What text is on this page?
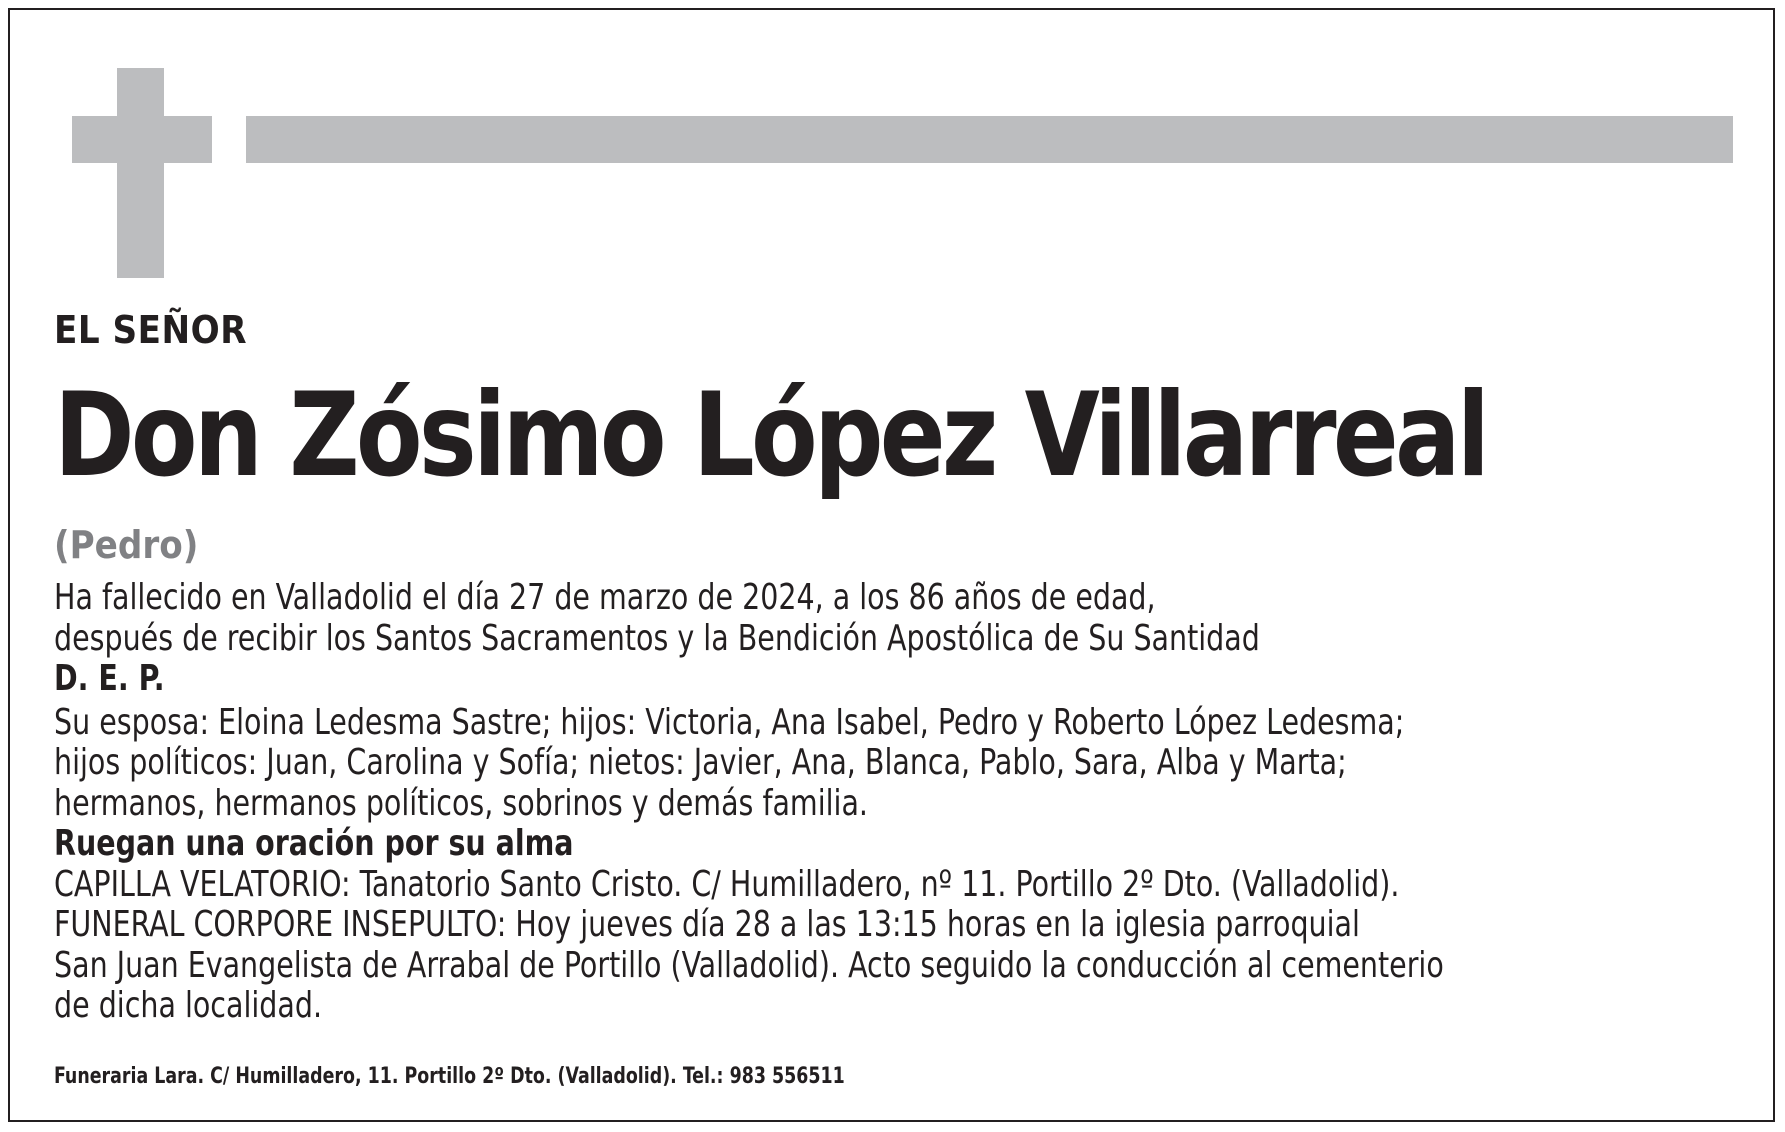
EL SEÑOR
Don Zósimo López Villarreal
(Pedro)
Ha fallecido en Valladolid el día 27 de marzo de 2024, a los 86 años de edad,
después de recibir los Santos Sacramentos y la Bendición Apostólica de Su Santidad
D. E. P.
Su esposa: Eloina Ledesma Sastre; hijos: Victoria, Ana Isabel, Pedro y Roberto López Ledesma;
hijos políticos: Juan, Carolina y Sofía; nietos: Javier, Ana, Blanca, Pablo, Sara, Alba y Marta;
hermanos, hermanos políticos, sobrinos y demás familia.
Ruegan una oración por su alma
CAPILLA VELATORIO: Tanatorio Santo Cristo. C/ Humilladero, nº 11. Portillo 2º Dto. (Valladolid).
FUNERAL CORPORE INSEPULTO: Hoy jueves día 28 a las 13:15 horas en la iglesia parroquial
San Juan Evangelista de Arrabal de Portillo (Valladolid). Acto seguido la conducción al cementerio
de dicha localidad.
Funeraria Lara. C/ Humilladero, 11. Portillo 2º Dto. (Valladolid). Tel.: 983 556511
